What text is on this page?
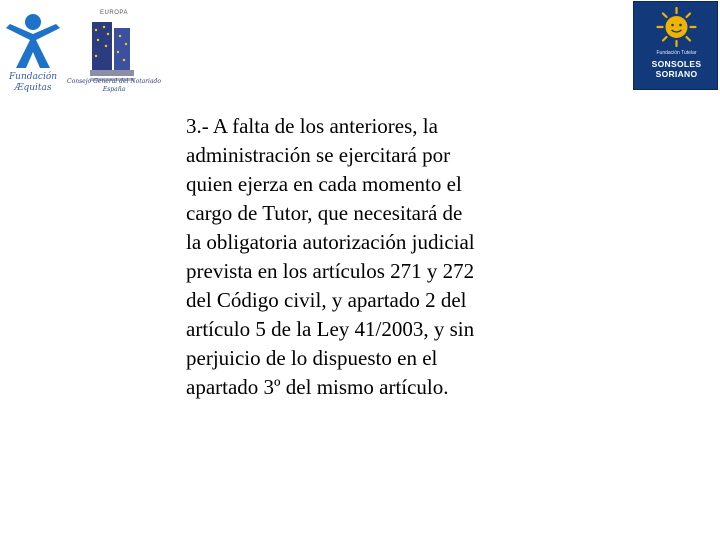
Fundación Æquitas
EUROPA
Consejo General del Notariado España
Fundación Tutelar
SONSOLES
SORIANO

3.- A falta de los anteriores, la
administración se ejercitará por
quien ejerza en cada momento el
cargo de Tutor, que necesitará de
la obligatoria autorización judicial
prevista en los artículos 271 y 272
del Código civil, y apartado 2 del
artículo 5 de la Ley 41/2003, y sin
perjuicio de lo dispuesto en el
apartado 3º del mismo artículo.
